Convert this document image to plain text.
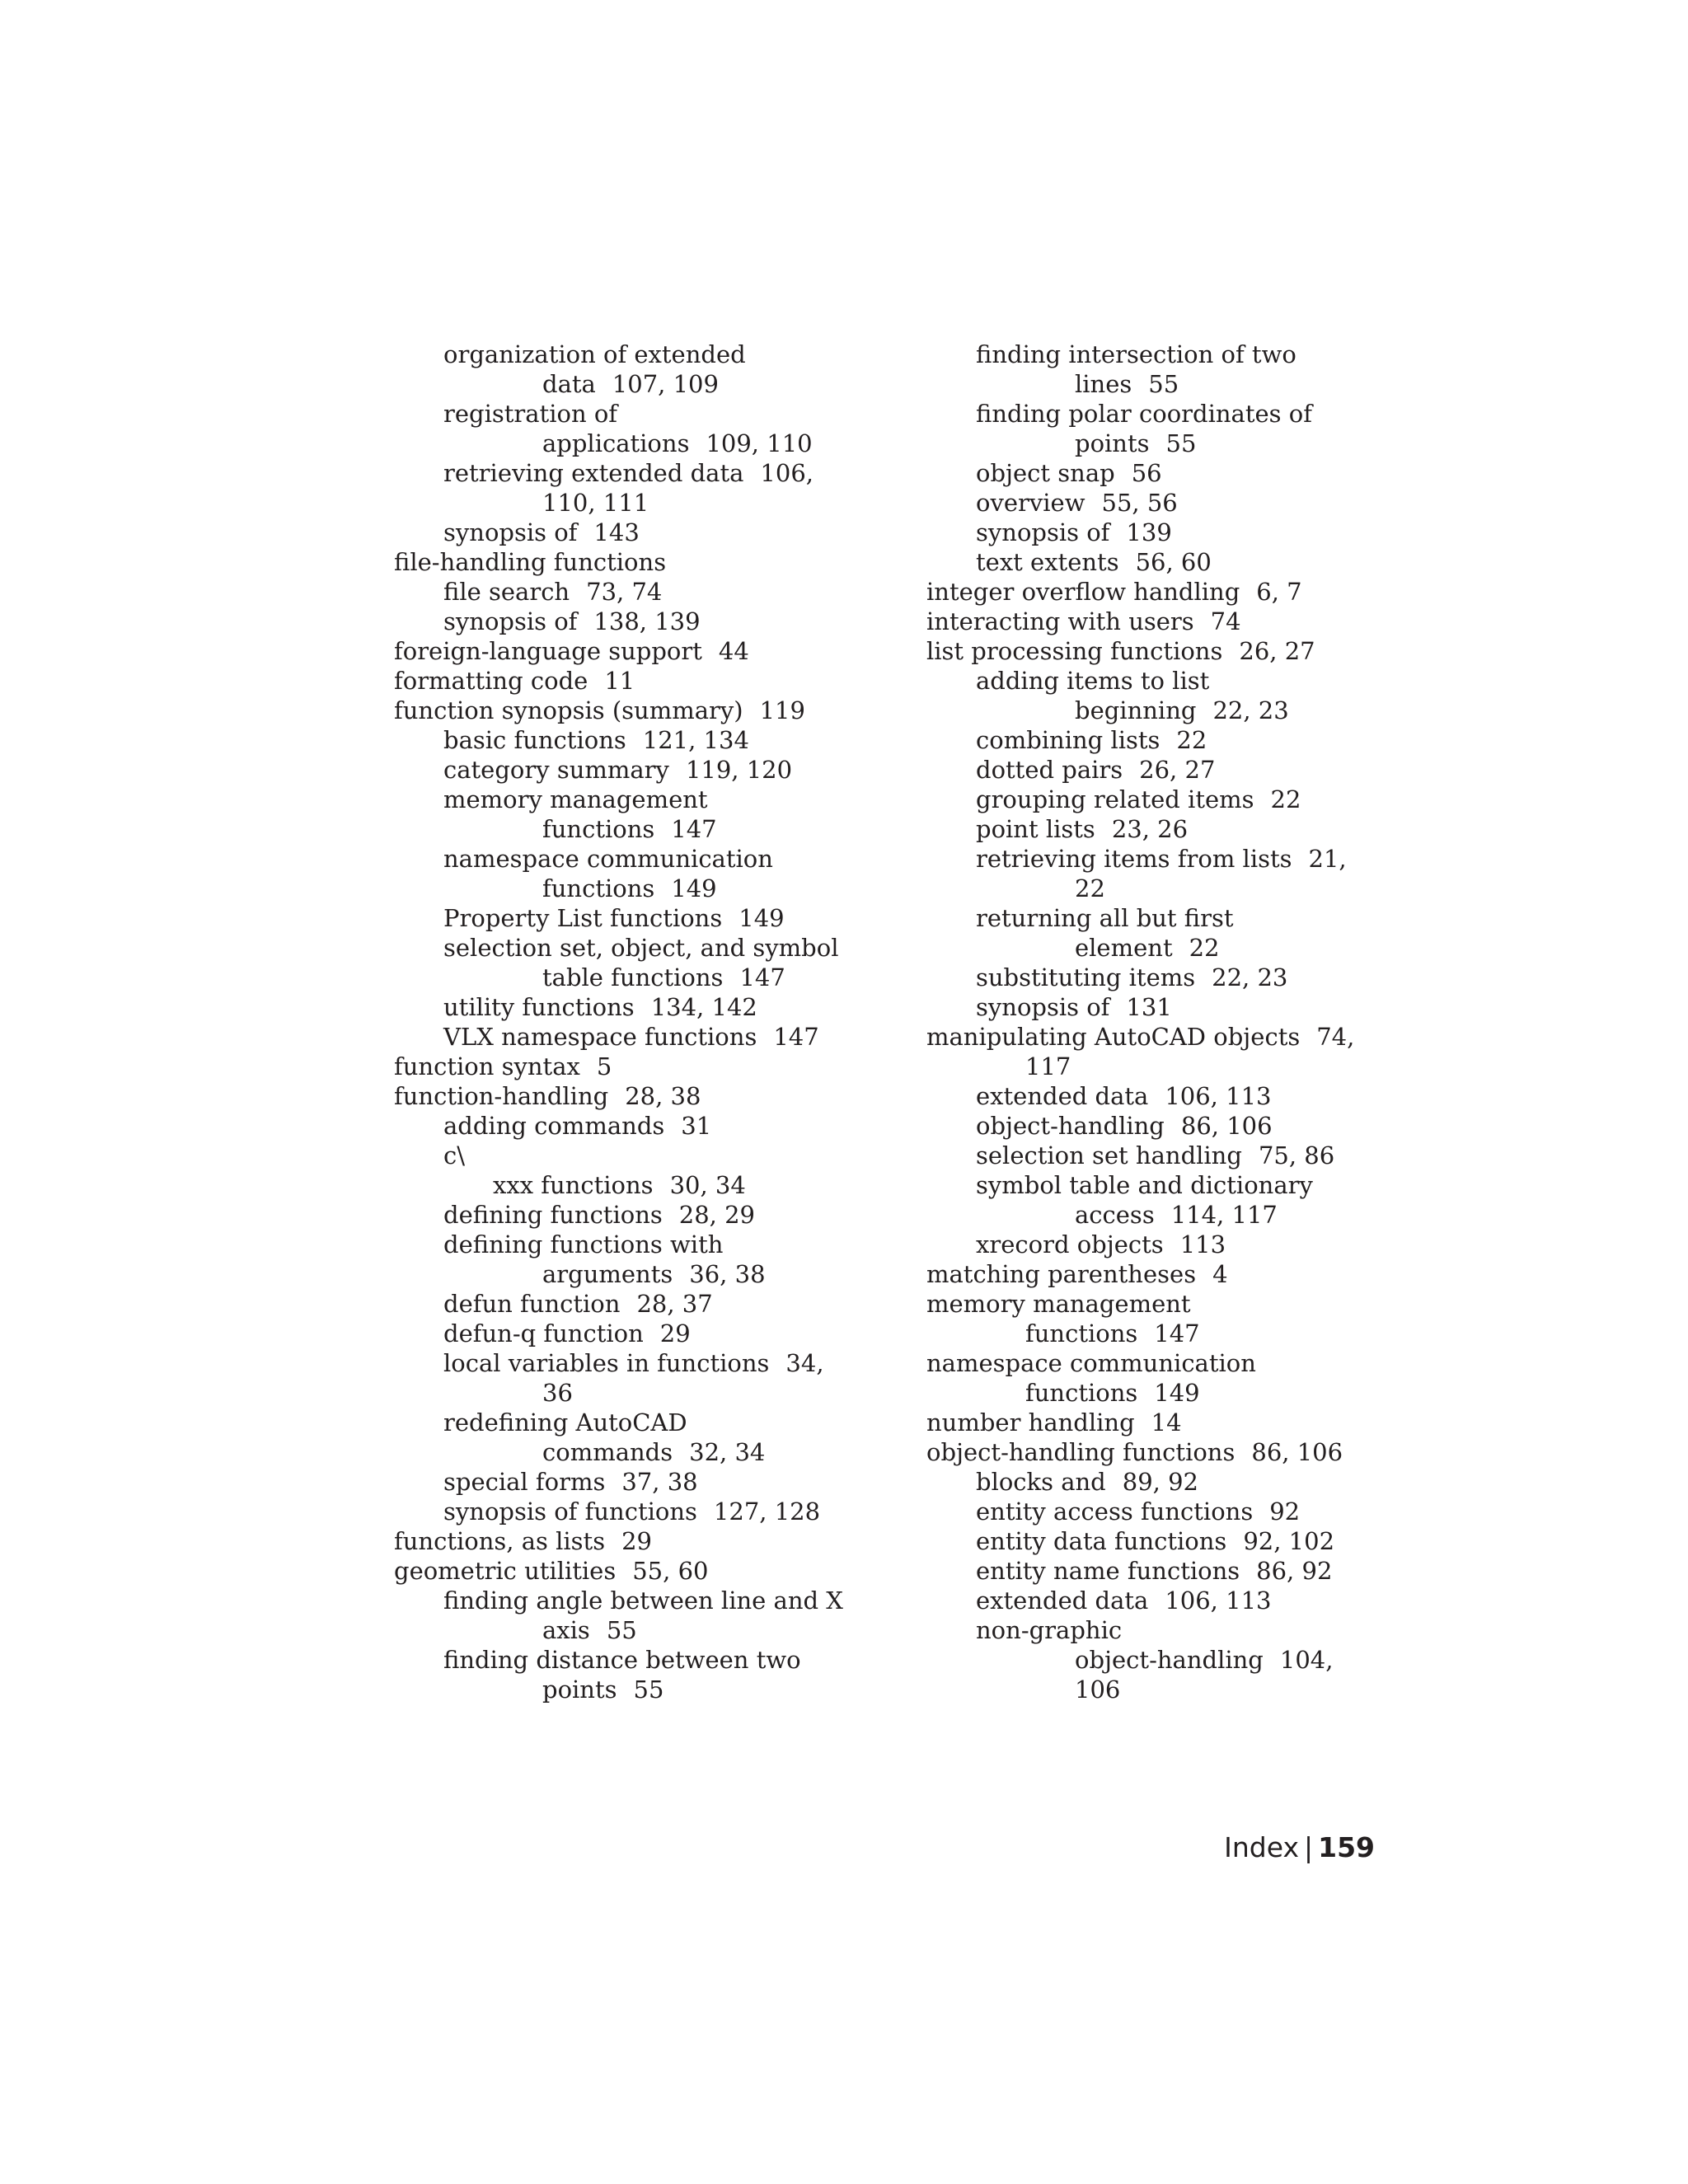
organization of extended
data 107, 109
registration of
applications 109, 110
retrieving extended data 106,
110, 111
synopsis of 143
file-handling functions
file search 73, 74
synopsis of 138, 139
foreign-language support 44
formatting code 11
function synopsis (summary) 119
basic functions 121, 134
category summary 119, 120
memory management
functions 147
namespace communication
functions 149
Property List functions 149
selection set, object, and symbol
table functions 147
utility functions 134, 142
VLX namespace functions 147
function syntax 5
function-handling 28, 38
adding commands 31
c\
xxx functions 30, 34
defining functions 28, 29
defining functions with
arguments 36, 38
defun function 28, 37
defun-q function 29
local variables in functions 34,
36
redefining AutoCAD
commands 32, 34
special forms 37, 38
synopsis of functions 127, 128
functions, as lists 29
geometric utilities 55, 60
finding angle between line and X
axis 55
finding distance between two
points 55
finding intersection of two
lines 55
finding polar coordinates of
points 55
object snap 56
overview 55, 56
synopsis of 139
text extents 56, 60
integer overflow handling 6, 7
interacting with users 74
list processing functions 26, 27
adding items to list
beginning 22, 23
combining lists 22
dotted pairs 26, 27
grouping related items 22
point lists 23, 26
retrieving items from lists 21,
22
returning all but first
element 22
substituting items 22, 23
synopsis of 131
manipulating AutoCAD objects 74,
117
extended data 106, 113
object-handling 86, 106
selection set handling 75, 86
symbol table and dictionary
access 114, 117
xrecord objects 113
matching parentheses 4
memory management
functions 147
namespace communication
functions 149
number handling 14
object-handling functions 86, 106
blocks and 89, 92
entity access functions 92
entity data functions 92, 102
entity name functions 86, 92
extended data 106, 113
non-graphic
object-handling 104,
106
Index | 159
